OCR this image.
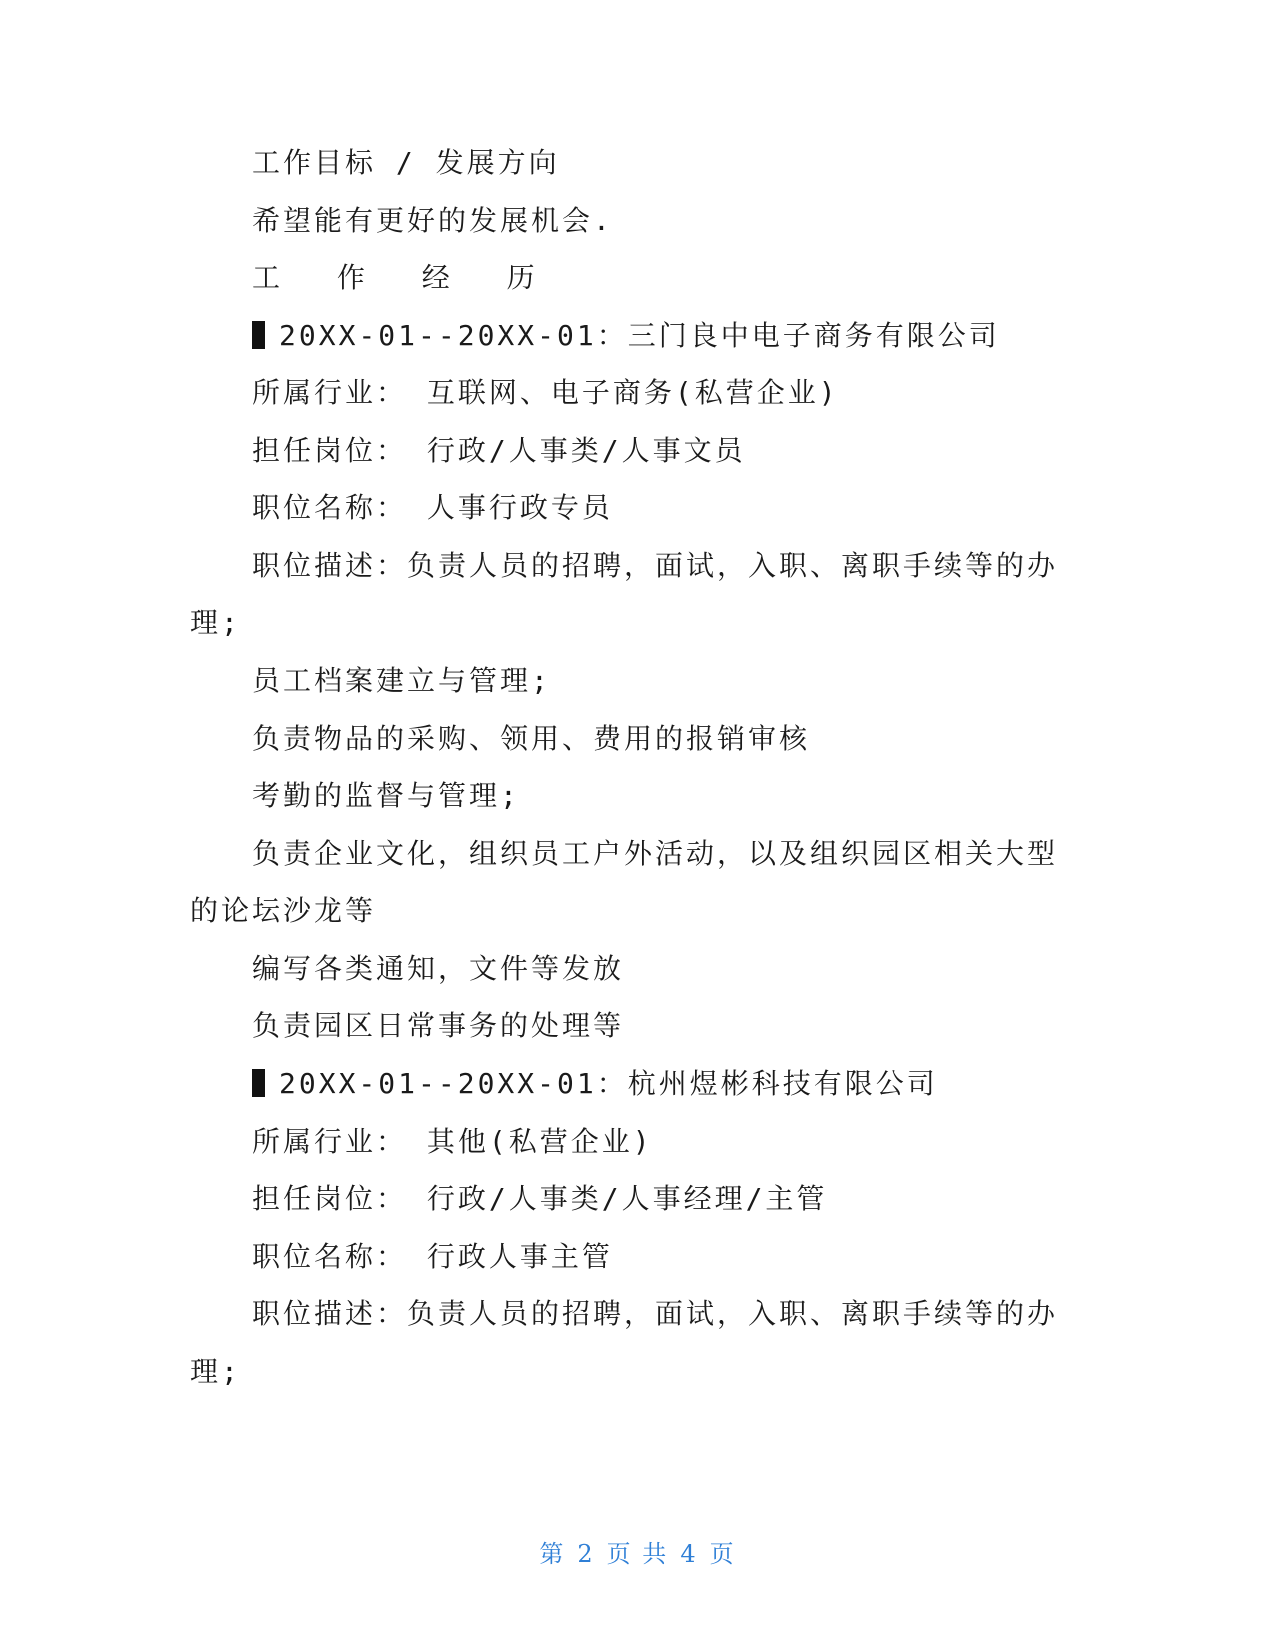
工作目标 / 发展方向
希望能有更好的发展机会.
工 作 经 历
20XX-01--20XX-01：三门良中电子商务有限公司
所属行业： 互联网、电子商务(私营企业)
担任岗位： 行政/人事类/人事文员
职位名称： 人事行政专员
职位描述：负责人员的招聘，面试，入职、离职手续等的办
理;
员工档案建立与管理;
负责物品的采购、领用、费用的报销审核
考勤的监督与管理;
负责企业文化，组织员工户外活动，以及组织园区相关大型
的论坛沙龙等
编写各类通知，文件等发放
负责园区日常事务的处理等
20XX-01--20XX-01：杭州煜彬科技有限公司
所属行业： 其他(私营企业)
担任岗位： 行政/人事类/人事经理/主管
职位名称： 行政人事主管
职位描述：负责人员的招聘，面试，入职、离职手续等的办
理;
第 2 页 共 4 页
